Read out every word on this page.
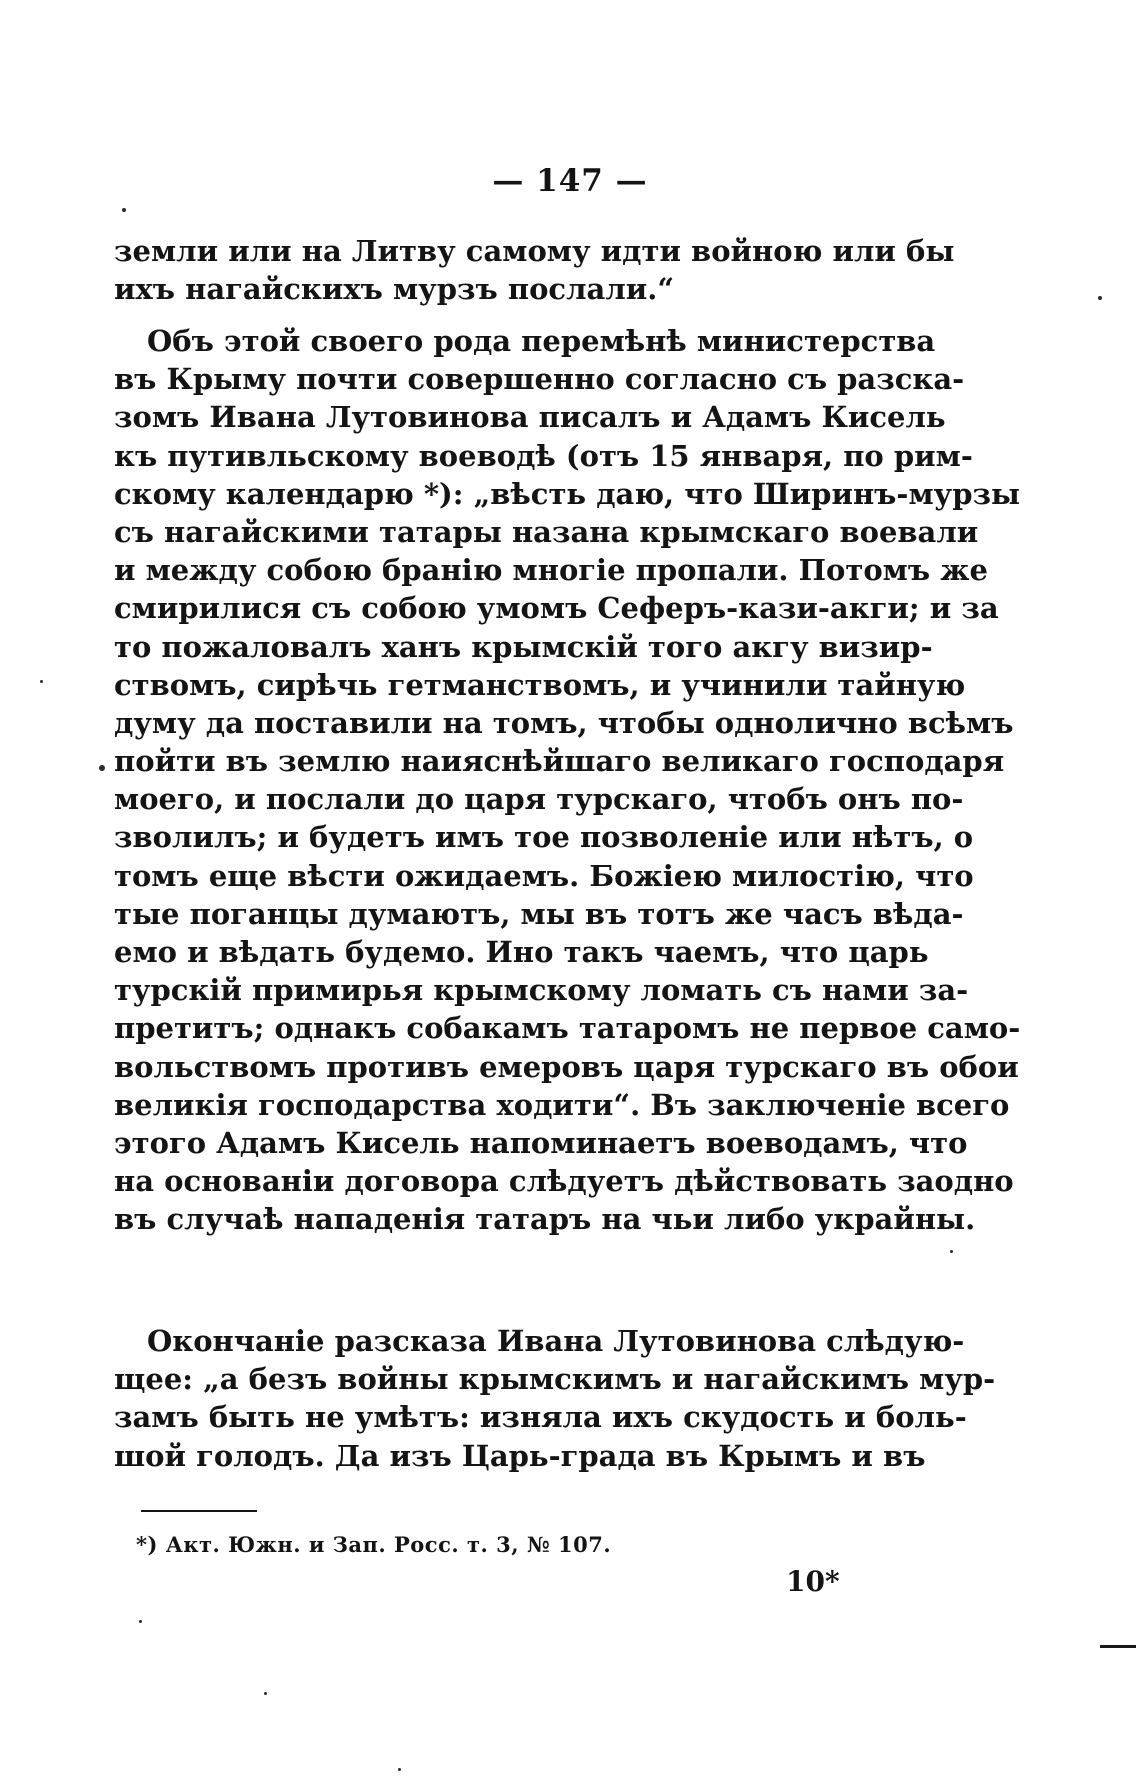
— 147 —
земли или на Литву самому идти войною или бы
ихъ нагайскихъ мурзъ послали.“
Объ этой своего рода перемѣнѣ министерства
въ Крыму почти совершенно согласно съ разска-
зомъ Ивана Лутовинова писалъ и Адамъ Кисель
къ путивльскому воеводѣ (отъ 15 января, по рим-
скому календарю *): „вѣсть даю, что Ширинъ-мурзы
съ нагайскими татары назана крымскаго воевали
и между собою бранію многіе пропали. Потомъ же
смирилися съ собою умомъ Сеферъ-кази-акги; и за
то пожаловалъ ханъ крымскій того акгу визир-
ствомъ, сирѣчь гетманствомъ, и учинили тайную
думу да поставили на томъ, чтобы однолично всѣмъ
пойти въ землю наияснѣйшаго великаго господаря
моего, и послали до царя турскаго, чтобъ онъ по-
зволилъ; и будетъ имъ тое позволеніе или нѣтъ, о
томъ еще вѣсти ожидаемъ. Божіею милостію, что
тые поганцы думаютъ, мы въ тотъ же часъ вѣда-
емо и вѣдать будемо. Ино такъ чаемъ, что царь
турскій примирья крымскому ломать съ нами за-
претитъ; однакъ собакамъ татаромъ не первое само-
вольствомъ противъ емеровъ царя турскаго въ обои
великія господарства ходити“. Въ заключеніе всего
этого Адамъ Кисель напоминаетъ воеводамъ, что
на основаніи договора слѣдуетъ дѣйствовать заодно
въ случаѣ нападенія татаръ на чьи либо украйны.
Окончаніе разсказа Ивана Лутовинова слѣдую-
щее: „а безъ войны крымскимъ и нагайскимъ мур-
замъ быть не умѣтъ: изняла ихъ скудость и боль-
шой голодъ. Да изъ Царь-града въ Крымъ и въ
*) Акт. Южн. и Зап. Росс. т. 3, № 107.
10*
